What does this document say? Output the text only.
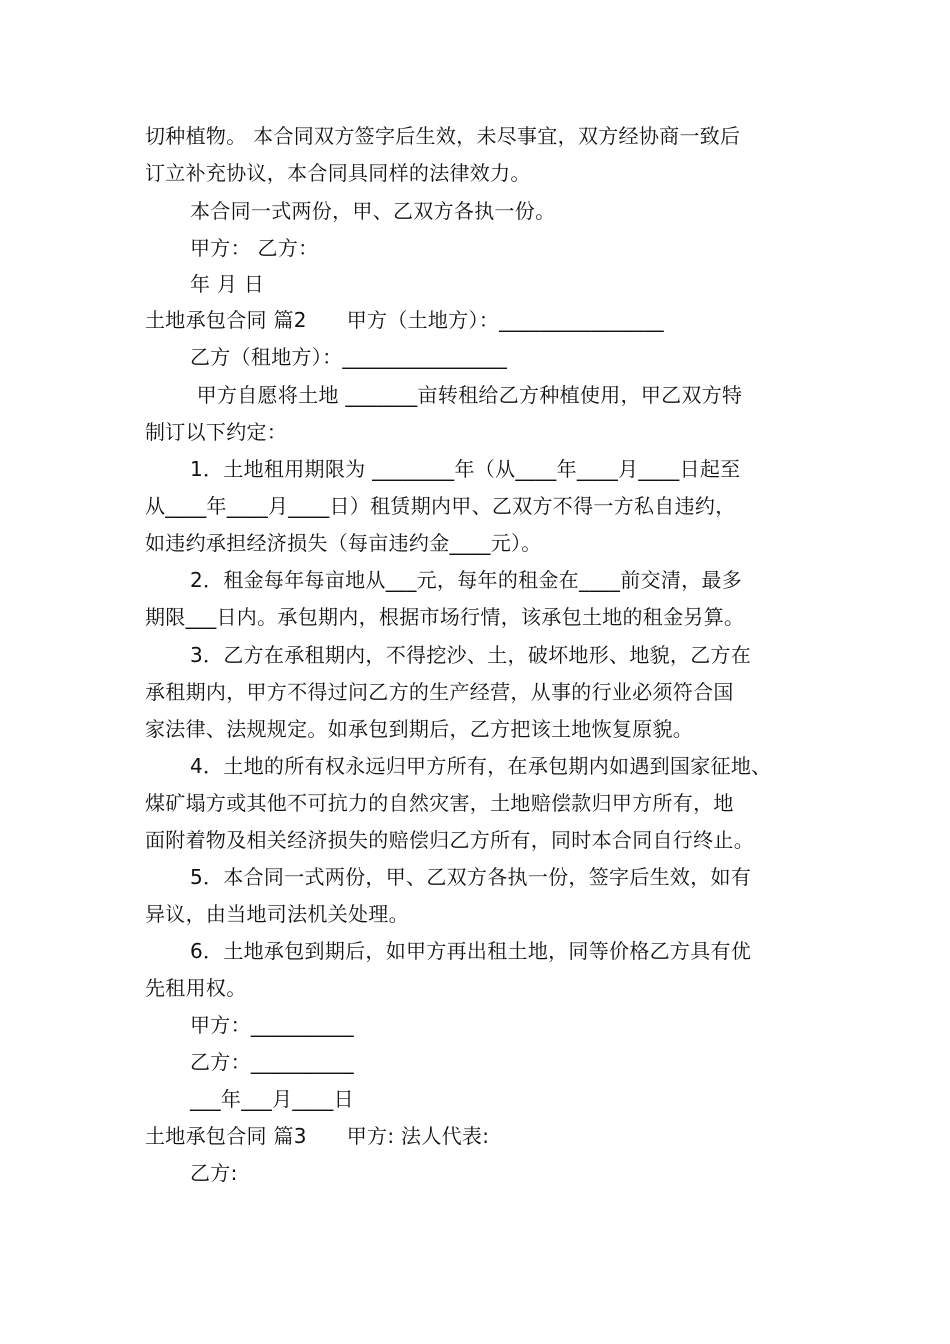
切种植物。 本合同双方签字后生效，未尽事宜，双方经协商一致后
订立补充协议，本合同具同样的法律效力。
本合同一式两份，甲、乙双方各执一份。
甲方： 乙方：
年 月 日
土地承包合同 篇2      甲方（土地方）：________________
乙方（租地方）：________________
甲方自愿将土地 _______亩转租给乙方种植使用，甲乙双方特
制订以下约定：
1．土地租用期限为 ________年（从____年____月____日起至
从____年____月____日）租赁期内甲、乙双方不得一方私自违约，
如违约承担经济损失（每亩违约金____元）。
2．租金每年每亩地从___元，每年的租金在____前交清，最多
期限___日内。承包期内，根据市场行情，该承包土地的租金另算。
3．乙方在承租期内，不得挖沙、土，破坏地形、地貌，乙方在
承租期内，甲方不得过问乙方的生产经营，从事的行业必须符合国
家法律、法规规定。如承包到期后，乙方把该土地恢复原貌。
4．土地的所有权永远归甲方所有，在承包期内如遇到国家征地、
煤矿塌方或其他不可抗力的自然灾害，土地赔偿款归甲方所有，地
面附着物及相关经济损失的赔偿归乙方所有，同时本合同自行终止。
5．本合同一式两份，甲、乙双方各执一份，签字后生效，如有
异议，由当地司法机关处理。
6．土地承包到期后，如甲方再出租土地，同等价格乙方具有优
先租用权。
甲方：__________
乙方：__________
___年___月____日
土地承包合同 篇3      甲方: 法人代表:
乙方:
